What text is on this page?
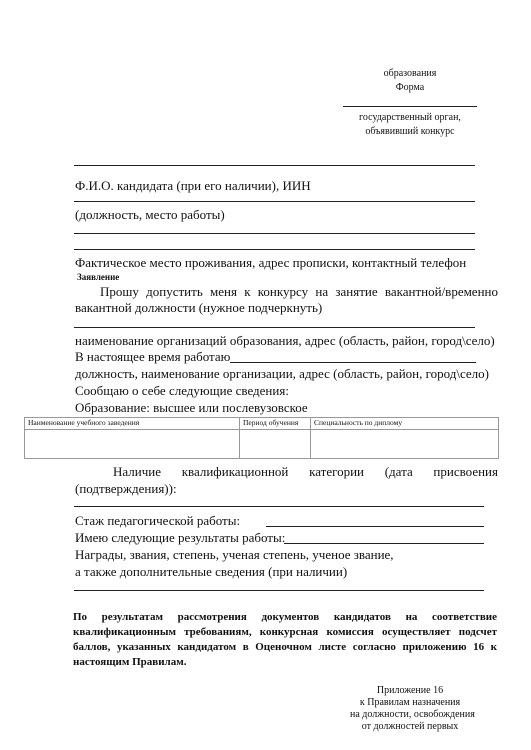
образования
Форма
государственный орган,
объявивший конкурс
Ф.И.О. кандидата (при его наличии), ИИН
(должность, место работы)
Фактическое место проживания, адрес прописки, контактный телефон
Заявление
Прошу допустить меня к конкурсу на занятие вакантной/временно
вакантной должности (нужное подчеркнуть)
наименование организаций образования, адрес (область, район, город\село)
В настоящее время работаю
должность, наименование организации, адрес (область, район, город\село)
Сообщаю о себе следующие сведения:
Образование: высшее или послевузовское
Наименование учебного заведения	Период обучения	Специальность по диплому

Наличие квалификационной категории (дата присвоения
(подтверждения)):
Стаж педагогической работы:
Имею следующие результаты работы:
Награды, звания, степень, ученая степень, ученое звание,
а также дополнительные сведения (при наличии)
По результатам рассмотрения документов кандидатов на соответствие квалификационным требованиям, конкурсная комиссия осуществляет подсчет баллов, указанных кандидатом в Оценочном листе согласно приложению 16 к настоящим Правилам.
Приложение 16
к Правилам назначения
на должности, освобождения
от должностей первых
